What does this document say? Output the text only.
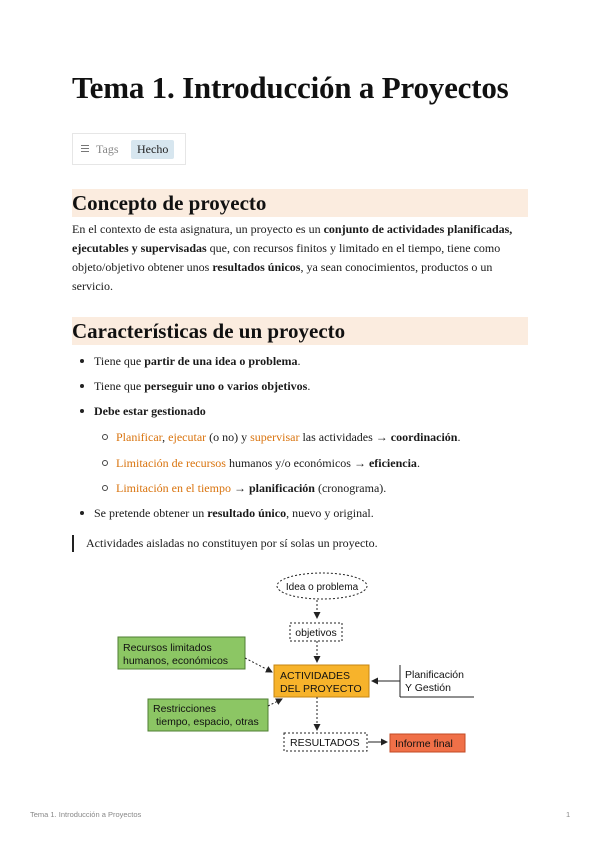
Tema 1. Introducción a Proyectos
Tags	Hecho
Concepto de proyecto

En el contexto de esta asignatura, un proyecto es un conjunto de actividades planificadas, ejecutables y supervisadas que, con recursos finitos y limitado en el tiempo, tiene como objeto/objetivo obtener unos resultados únicos, ya sean conocimientos, productos o un servicio.

Características de un proyecto
Tiene que partir de una idea o problema.
Tiene que perseguir uno o varios objetivos.
Debe estar gestionado
Planificar, ejecutar (o no) y supervisar las actividades → coordinación.
Limitación de recursos humanos y/o económicos → eficiencia.
Limitación en el tiempo → planificación (cronograma).
Se pretende obtener un resultado único, nuevo y original.
Actividades aisladas no constituyen por sí solas un proyecto.
Idea o problema
objetivos
Recursos limitados
humanos, económicos
ACTIVIDADES
DEL PROYECTO
Planificación
Y Gestión
Restricciones
tiempo, espacio, otras
RESULTADOS	Informe final
Tema 1. Introducción a Proyectos	1
